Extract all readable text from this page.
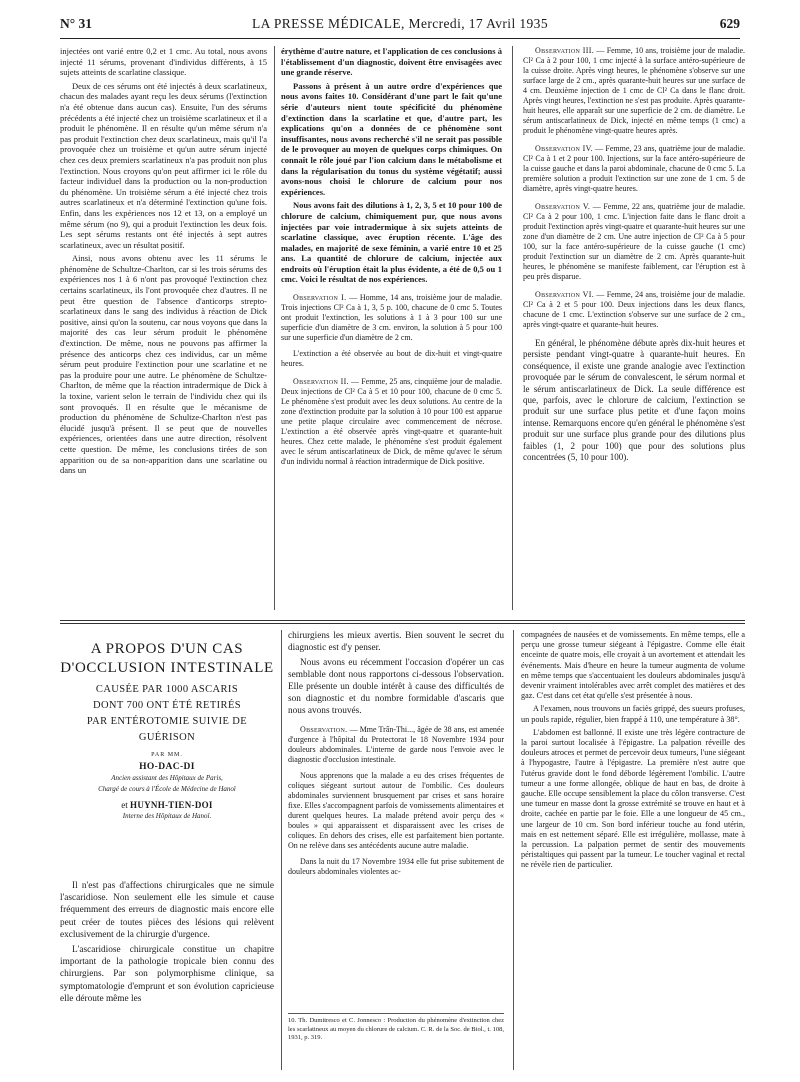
N° 31	LA PRESSE MÉDICALE, Mercredi, 17 Avril 1935	629

injectées ont varié entre 0,2 et 1 cmc. Au total, nous avons injecté 11 sérums, provenant d'individus différents, à 15 sujets atteints de scarlatine classique.

Deux de ces sérums ont été injectés à deux scarlatineux, chacun des malades ayant reçu les deux sérums (l'extinction n'a été obtenue dans aucun cas). Ensuite, l'un des sérums précédents a été injecté chez un troisième scarlatineux et il a produit le phénomène. Il en résulte qu'un même sérum n'a pas produit l'extinction chez deux scarlatineux, mais qu'il l'a provoquée chez un troisième et qu'un autre sérum injecté chez ces deux premiers scarlatineux n'a pas produit non plus l'extinction. Nous croyons qu'on peut affirmer ici le rôle du facteur individuel dans la production ou la non-production du phénomène. Un troisième sérum a été injecté chez trois autres scarlatineux et n'a déterminé l'extinction qu'une fois. Enfin, dans les expériences nos 12 et 13, on a employé un même sérum (no 9), qui a produit l'extinction les deux fois. Les sept sérums restants ont été injectés à sept autres scarlatineux, avec un résultat positif.

Ainsi, nous avons obtenu avec les 11 sérums le phénomène de Schultze-Charlton, car si les trois sérums des expériences nos 1 à 6 n'ont pas provoqué l'extinction chez certains scarlatineux, ils l'ont provoquée chez d'autres. Il ne peut être question de l'absence d'anticorps strepto-scarlatineux dans le sang des individus à réaction de Dick positive, ainsi qu'on la soutenu, car nous voyons que dans la majorité des cas leur sérum produit le phénomène d'extinction. De même, nous ne pouvons pas affirmer la présence des anticorps chez ces individus, car un même sérum peut produire l'extinction pour une scarlatine et ne pas la produire pour une autre. Le phénomène de Schultze-Charlton, de même que la réaction intradermique de Dick à la toxine, varient selon le terrain de l'individu chez qui ils sont provoqués. Il en résulte que le mécanisme de production du phénomène de Schultze-Charlton n'est pas élucidé jusqu'à présent. Il se peut que de nouvelles expériences, orientées dans une autre direction, résolvent cette question. De même, les conclusions tirées de son apparition ou de sa non-apparition dans une scarlatine ou dans un

érythème d'autre nature, et l'application de ces conclusions à l'établissement d'un diagnostic, doivent être envisagées avec une grande réserve.

Passons à présent à un autre ordre d'expériences que nous avons faites 10. Considérant d'une part le fait qu'une série d'auteurs nient toute spécificité du phénomène d'extinction dans la scarlatine et que, d'autre part, les explications qu'on a données de ce phénomène sont insuffisantes, nous avons recherché s'il ne serait pas possible de le provoquer au moyen de quelques corps chimiques. On connaît le rôle joué par l'ion calcium dans le métabolisme et dans la régularisation du tonus du système végétatif; aussi avons-nous choisi le chlorure de calcium pour nos expériences.

Nous avons fait des dilutions à 1, 2, 3, 5 et 10 pour 100 de chlorure de calcium, chimiquement pur, que nous avons injectées par voie intradermique à six sujets atteints de scarlatine classique, avec éruption récente. L'âge des malades, en majorité de sexe féminin, a varié entre 10 et 25 ans. La quantité de chlorure de calcium, injectée aux endroits où l'éruption était la plus évidente, a été de 0,5 ou 1 cmc. Voici le résultat de nos expériences.

Observation I. — Homme, 14 ans, troisième jour de maladie. Trois injections Cl² Ca à 1, 3, 5 p. 100, chacune de 0 cmc 5. Toutes ont produit l'extinction, les solutions à 1 à 3 pour 100 sur une superficie d'un diamètre de 3 cm. environ, la solution à 5 pour 100 sur une superficie d'un diamètre de 2 cm.

L'extinction a été observée au bout de dix-huit et vingt-quatre heures.

Observation II. — Femme, 25 ans, cinquième jour de maladie. Deux injections de Cl² Ca à 5 et 10 pour 100, chacune de 0 cmc 5. Le phénomène s'est produit avec les deux solutions. Au centre de la zone d'extinction produite par la solution à 10 pour 100 est apparue une petite plaque circulaire avec commencement de nécrose. L'extinction a été observée après vingt-quatre et quarante-huit heures. Chez cette malade, le phénomène s'est produit également avec le sérum antiscarlatineux de Dick, de même qu'avec le sérum d'un individu normal à réaction intradermique de Dick positive.

Observation III. — Femme, 10 ans, troisième jour de maladie. Cl² Ca à 2 pour 100, 1 cmc injecté à la surface antéro-supérieure de la cuisse droite. Après vingt heures, le phénomène s'observe sur une surface large de 2 cm., après quarante-huit heures sur une surface de 4 cm. Deuxième injection de 1 cmc de Cl² Ca dans le flanc droit. Après vingt heures, l'extinction ne s'est pas produite. Après quarante-huit heures, elle apparaît sur une superficie de 2 cm. de diamètre. Le sérum antiscarlatineux de Dick, injecté en même temps (1 cmc) a produit le phénomène vingt-quatre heures après.

Observation IV. — Femme, 23 ans, quatrième jour de maladie. Cl² Ca à 1 et 2 pour 100. Injections, sur la face antéro-supérieure de la cuisse gauche et dans la paroi abdominale, chacune de 0 cmc 5. La première solution a produit l'extinction sur une zone de 1 cm. 5 de diamètre, après vingt-quatre heures.

Observation V. — Femme, 22 ans, quatrième jour de maladie. Cl² Ca à 2 pour 100, 1 cmc. L'injection faite dans le flanc droit a produit l'extinction après vingt-quatre et quarante-huit heures sur une zone d'un diamètre de 2 cm. Une autre injection de Cl² Ca à 5 pour 100, sur la face antéro-supérieure de la cuisse gauche (1 cmc) produit l'extinction sur un diamètre de 2 cm. Après quarante-huit heures, le phénomène se manifeste faiblement, car l'éruption est à peu près disparue.

Observation VI. — Femme, 24 ans, troisième jour de maladie. Cl² Ca à 2 et 5 pour 100. Deux injections dans les deux flancs, chacune de 1 cmc. L'extinction s'observe sur une surface de 2 cm., après vingt-quatre et quarante-huit heures.

En général, le phénomène débute après dix-huit heures et persiste pendant vingt-quatre à quarante-huit heures. En conséquence, il existe une grande analogie avec l'extinction provoquée par le sérum de convalescent, le sérum normal et le sérum antiscarlatineux de Dick. La seule différence est que, parfois, avec le chlorure de calcium, l'extinction se produit sur une surface plus petite et d'une façon moins intense. Remarquons encore qu'en général le phénomène s'est produit sur une surface plus grande pour des dilutions plus faibles (1, 2 pour 100) que pour des solutions plus concentrées (5, 10 pour 100).

A PROPOS D'UN CAS
D'OCCLUSION INTESTINALE
CAUSÉE PAR 1000 ASCARIS
DONT 700 ONT ÉTÉ RETIRÉS
PAR ENTÉROTOMIE SUIVIE DE GUÉRISON
PAR MM.
HO-DAC-DI
Ancien assistant des Hôpitaux de Paris,
Chargé de cours à l'École de Médecine de Hanoï
et HUYNH-TIEN-DOI
Interne des Hôpitaux de Hanoï.

Il n'est pas d'affections chirurgicales que ne simule l'ascaridiose. Non seulement elle les simule et cause fréquemment des erreurs de diagnostic mais encore elle peut créer de toutes pièces des lésions qui relèvent exclusivement de la chirurgie d'urgence.

L'ascaridiose chirurgicale constitue un chapitre important de la pathologie tropicale bien connu des chirurgiens. Par son polymorphisme clinique, sa symptomatologie d'emprunt et son évolution capricieuse elle déroute même les

chirurgiens les mieux avertis. Bien souvent le secret du diagnostic est d'y penser.

Nous avons eu récemment l'occasion d'opérer un cas semblable dont nous rapportons ci-dessous l'observation. Elle présente un double intérêt à cause des difficultés de son diagnostic et du nombre formidable d'ascaris que nous avons trouvés.

Observation. — Mme Trân-Thi..., âgée de 38 ans, est amenée d'urgence à l'hôpital du Protectorat le 18 Novembre 1934 pour douleurs abdominales. L'interne de garde nous l'envoie avec le diagnostic d'occlusion intestinale.

Nous apprenons que la malade a eu des crises fréquentes de coliques siégeant surtout autour de l'ombilic. Ces douleurs abdominales surviennent brusquement par crises et sans horaire fixe. Elles s'accompagnent parfois de vomissements alimentaires et durent quelques heures. La malade prétend avoir perçu des « boules » qui apparaissent et disparaissent avec les crises de coliques. En dehors des crises, elle est parfaitement bien portante. On ne relève dans ses antécédents aucune autre maladie.

Dans la nuit du 17 Novembre 1934 elle fut prise subitement de douleurs abdominales violentes ac-

10. Th. Dumitresco et C. Jonnesco : Production du phénomène d'extinction chez les scarlatineux au moyen du chlorure de calcium. C. R. de la Soc. de Biol., t. 108, 1931, p. 319.

compagnées de nausées et de vomissements. En même temps, elle a perçu une grosse tumeur siégeant à l'épigastre. Comme elle était enceinte de quatre mois, elle croyait à un avortement et attendait les événements. Mais d'heure en heure la tumeur augmenta de volume en même temps que s'accentuaient les douleurs abdominales jusqu'à devenir vraiment intolérables avec arrêt complet des matières et des gaz. C'est dans cet état qu'elle s'est présentée à nous.

A l'examen, nous trouvons un faciès grippé, des sueurs profuses, un pouls rapide, régulier, bien frappé à 110, une température à 38°.

L'abdomen est ballonné. Il existe une très légère contracture de la paroi surtout localisée à l'épigastre. La palpation réveille des douleurs atroces et permet de percevoir deux tumeurs, l'une siégeant à l'hypogastre, l'autre à l'épigastre. La première n'est autre que l'utérus gravide dont le fond déborde légèrement l'ombilic. L'autre tumeur a une forme allongée, oblique de haut en bas, de droite à gauche. Elle occupe sensiblement la place du côlon transverse. C'est une tumeur en masse dont la grosse extrémité se trouve en haut et à droite, cachée en partie par le foie. Elle a une longueur de 45 cm., une largeur de 10 cm. Son bord inférieur touche au fond utérin, mais en est nettement séparé. Elle est irrégulière, mollasse, mate à la percussion. La palpation permet de sentir des mouvements péristaltiques qui passent par la tumeur. Le toucher vaginal et rectal ne révèle rien de particulier.
